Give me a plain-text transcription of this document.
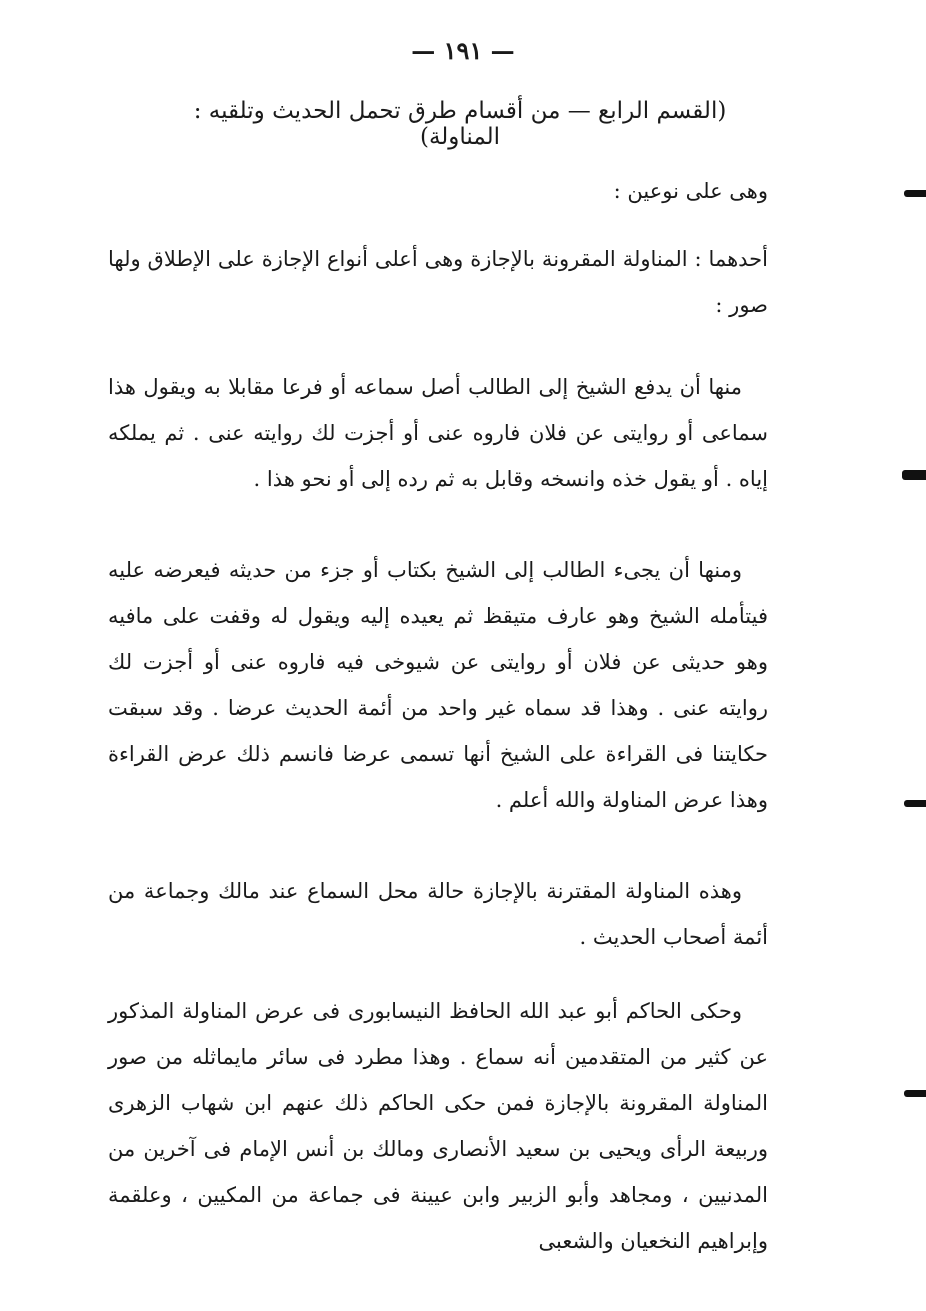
— ١٩١ —
(القسم الرابع — من أقسام طرق تحمل الحديث وتلقيه : المناولة)
وهى على نوعين :
أحدهما : المناولة المقرونة بالإجازة وهى أعلى أنواع الإجازة على الإطلاق ولها صور :
منها أن يدفع الشيخ إلى الطالب أصل سماعه أو فرعا مقابلا به ويقول هذا سماعى أو روايتى عن فلان فاروه عنى أو أجزت لك روايته عنى . ثم يملكه إياه . أو يقول خذه وانسخه وقابل به ثم رده إلى أو نحو هذا .
ومنها أن يجىء الطالب إلى الشيخ بكتاب أو جزء من حديثه فيعرضه عليه فيتأمله الشيخ وهو عارف متيقظ ثم يعيده إليه ويقول له وقفت على مافيه وهو حديثى عن فلان أو روايتى عن شيوخى فيه فاروه عنى أو أجزت لك روايته عنى . وهذا قد سماه غير واحد من أئمة الحديث عرضا . وقد سبقت حكايتنا فى القراءة على الشيخ أنها تسمى عرضا فانسم ذلك عرض القراءة وهذا عرض المناولة والله أعلم .
وهذه المناولة المقترنة بالإجازة حالة محل السماع عند مالك وجماعة من أئمة أصحاب الحديث .
وحكى الحاكم أبو عبد الله الحافظ النيسابورى فى عرض المناولة المذكور عن كثير من المتقدمين أنه سماع . وهذا مطرد فى سائر مايماثله من صور المناولة المقرونة بالإجازة فمن حكى الحاكم ذلك عنهم ابن شهاب الزهرى وربيعة الرأى ويحيى بن سعيد الأنصارى ومالك بن أنس الإمام فى آخرين من المدنيين ، ومجاهد وأبو الزبير وابن عيينة فى جماعة من المكيين ، وعلقمة وإبراهيم النخعيان والشعبى
